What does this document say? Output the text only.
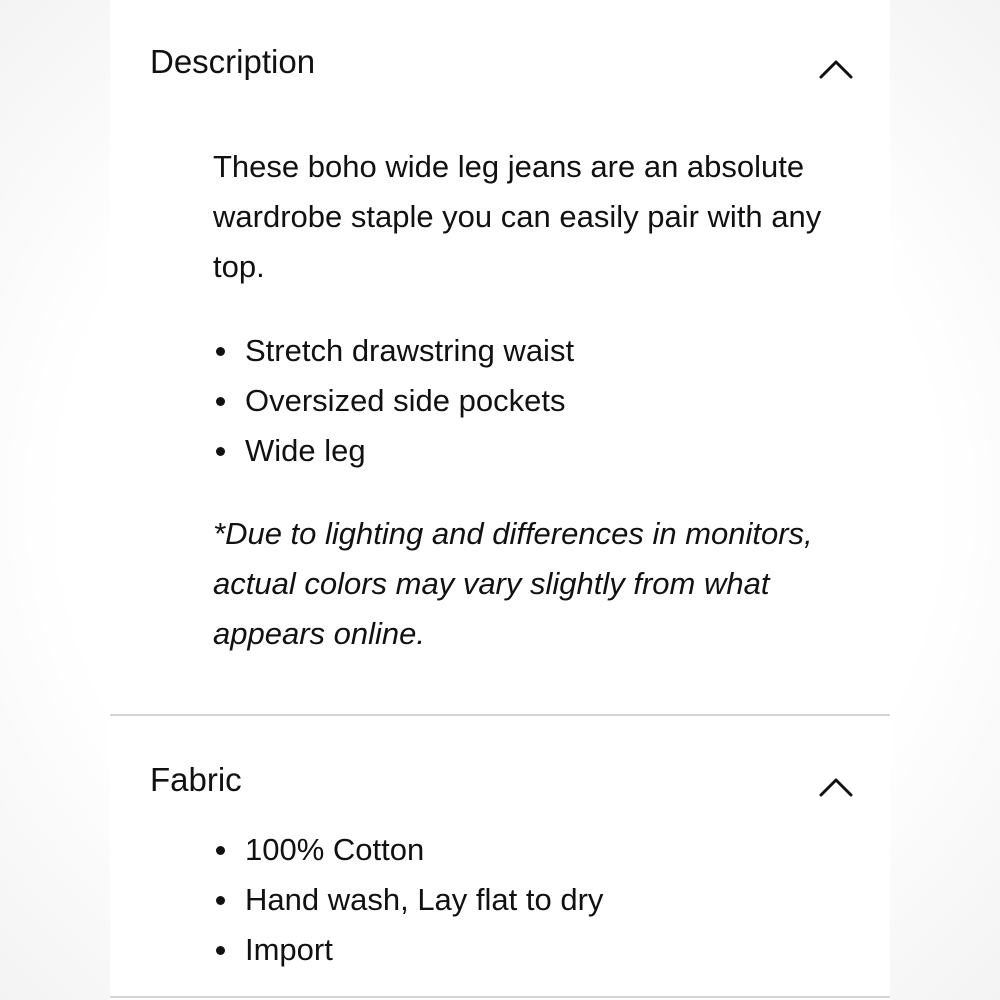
Description

These boho wide leg jeans are an absolute wardrobe staple you can easily pair with any top.

Stretch drawstring waist
Oversized side pockets
Wide leg

*Due to lighting and differences in monitors, actual colors may vary slightly from what appears online.

Fabric
100% Cotton
Hand wash, Lay flat to dry
Import
